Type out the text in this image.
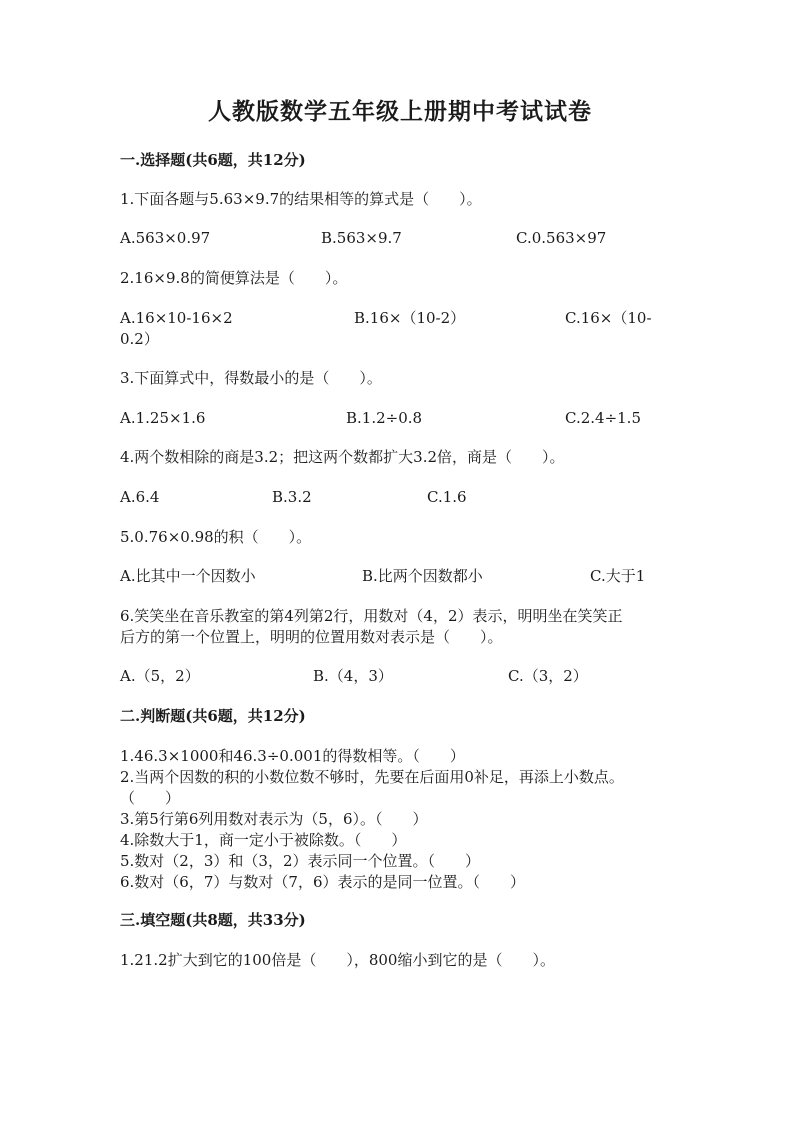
人教版数学五年级上册期中考试试卷
一.选择题(共6题，共12分)
1.下面各题与5.63×9.7的结果相等的算式是（　　）。
A.563×0.97	B.563×9.7	C.0.563×97
2.16×9.8的简便算法是（　　）。
A.16×10-16×2	B.16×（10-2）	C.16×（10-
0.2）
3.下面算式中，得数最小的是（　　）。
A.1.25×1.6	B.1.2÷0.8	C.2.4÷1.5
4.两个数相除的商是3.2；把这两个数都扩大3.2倍，商是（　　）。
A.6.4	B.3.2	C.1.6
5.0.76×0.98的积（　　）。
A.比其中一个因数小	B.比两个因数都小	C.大于1
6.笑笑坐在音乐教室的第4列第2行，用数对（4，2）表示，明明坐在笑笑正
后方的第一个位置上，明明的位置用数对表示是（　　）。
A.（5，2）	B.（4，3）	C.（3，2）
二.判断题(共6题，共12分)
1.46.3×1000和46.3÷0.001的得数相等。（　　）
2.当两个因数的积的小数位数不够时，先要在后面用0补足，再添上小数点。
（　　）
3.第5行第6列用数对表示为（5，6）。（　　）
4.除数大于1，商一定小于被除数。（　　）
5.数对（2，3）和（3，2）表示同一个位置。（　　）
6.数对（6，7）与数对（7，6）表示的是同一位置。（　　）
三.填空题(共8题，共33分)
1.21.2扩大到它的100倍是（　　），800缩小到它的是（　　）。
